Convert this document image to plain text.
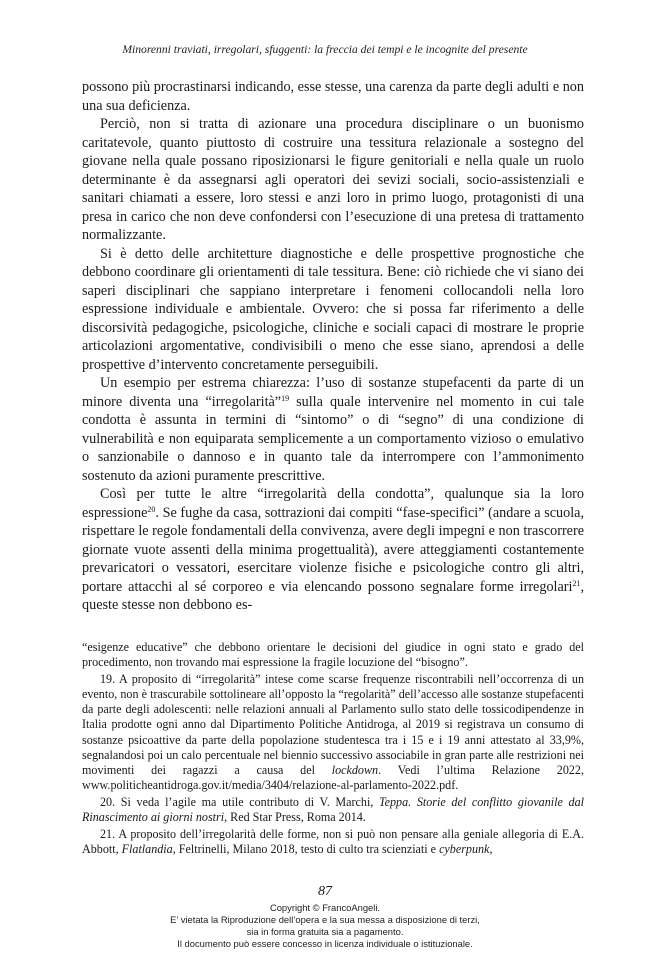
Minorenni traviati, irregolari, sfuggenti: la freccia dei tempi e le incognite del presente

possono più procrastinarsi indicando, esse stesse, una carenza da parte degli adulti e non una sua deficienza.

Perciò, non si tratta di azionare una procedura disciplinare o un buonismo caritatevole, quanto piuttosto di costruire una tessitura relazionale a sostegno del giovane nella quale possano riposizionarsi le figure genitoriali e nella quale un ruolo determinante è da assegnarsi agli operatori dei sevizi sociali, socio-assistenziali e sanitari chiamati a essere, loro stessi e anzi loro in primo luogo, protagonisti di una presa in carico che non deve confondersi con l’esecuzione di una pretesa di trattamento normalizzante.

Si è detto delle architetture diagnostiche e delle prospettive prognostiche che debbono coordinare gli orientamenti di tale tessitura. Bene: ciò richiede che vi siano dei saperi disciplinari che sappiano interpretare i fenomeni collocandoli nella loro espressione individuale e ambientale. Ovvero: che si possa far riferimento a delle discorsività pedagogiche, psicologiche, cliniche e sociali capaci di mostrare le proprie articolazioni argomentative, condivisibili o meno che esse siano, aprendosi a delle prospettive d’intervento concretamente perseguibili.

Un esempio per estrema chiarezza: l’uso di sostanze stupefacenti da parte di un minore diventa una “irregolarità”$^{19}$ sulla quale intervenire nel momento in cui tale condotta è assunta in termini di “sintomo” o di “segno” di una condizione di vulnerabilità e non equiparata semplicemente a un comportamento vizioso o emulativo o sanzionabile o dannoso e in quanto tale da interrompere con l’ammonimento sostenuto da azioni puramente prescrittive.

Così per tutte le altre “irregolarità della condotta”, qualunque sia la loro espressione$^{20}$. Se fughe da casa, sottrazioni dai compiti “fase-specifici” (andare a scuola, rispettare le regole fondamentali della convivenza, avere degli impegni e non trascorrere giornate vuote assenti della minima progettualità), avere atteggiamenti costantemente prevaricatori o vessatori, esercitare violenze fisiche e psicologiche contro gli altri, portare attacchi al sé corporeo e via elencando possono segnalare forme irregolari$^{21}$, queste stesse non debbono es-

“esigenze educative” che debbono orientare le decisioni del giudice in ogni stato e grado del procedimento, non trovando mai espressione la fragile locuzione del “bisogno”.

19. A proposito di “irregolarità” intese come scarse frequenze riscontrabili nell’occorrenza di un evento, non è trascurabile sottolineare all’opposto la “regolarità” dell’accesso alle sostanze stupefacenti da parte degli adolescenti: nelle relazioni annuali al Parlamento sullo stato delle tossicodipendenze in Italia prodotte ogni anno dal Dipartimento Politiche Antidroga, al 2019 si registrava un consumo di sostanze psicoattive da parte della popolazione studentesca tra i 15 e i 19 anni attestato al 33,9%, segnalandosi poi un calo percentuale nel biennio successivo associabile in gran parte alle restrizioni nei movimenti dei ragazzi a causa del lockdown. Vedi l’ultima Relazione 2022, www.politicheantidroga.gov.it/media/3404/relazione-al-parlamento-2022.pdf.

20. Si veda l’agile ma utile contributo di V. Marchi, Teppa. Storie del conflitto giovanile dal Rinascimento ai giorni nostri, Red Star Press, Roma 2014.

21. A proposito dell’irregolarità delle forme, non si può non pensare alla geniale allegoria di E.A. Abbott, Flatlandia, Feltrinelli, Milano 2018, testo di culto tra scienziati e cyberpunk,

87
Copyright © FrancoAngeli.
E’ vietata la Riproduzione dell’opera e la sua messa a disposizione di terzi,
sia in forma gratuita sia a pagamento.
Il documento può essere concesso in licenza individuale o istituzionale.
